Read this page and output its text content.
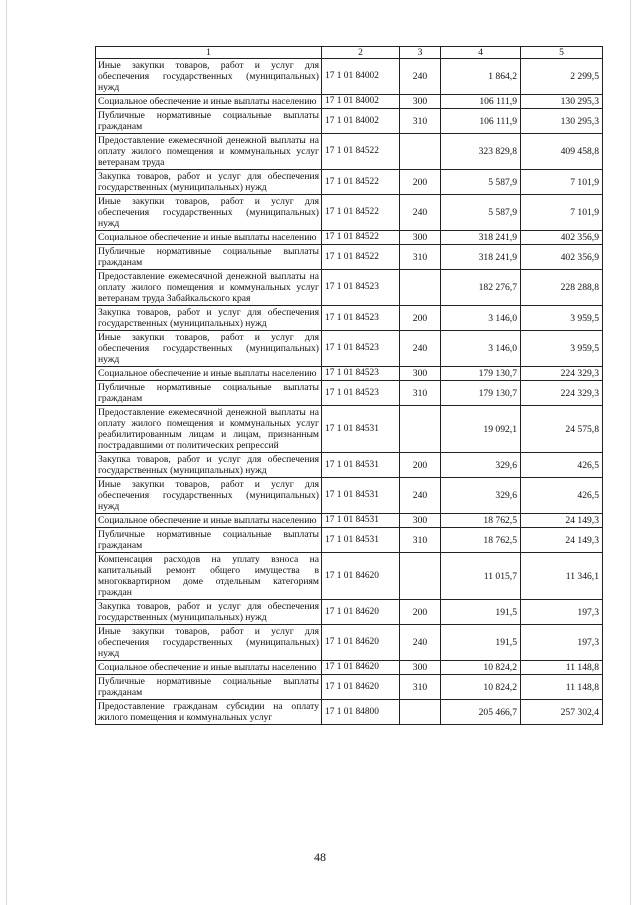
1	2	3	4	5
Иные закупки товаров, работ и услуг для обеспечения государственных (муниципальных) нужд	17 1 01 84002	240	1 864,2	2 299,5
Социальное обеспечение и иные выплаты населению	17 1 01 84002	300	106 111,9	130 295,3
Публичные нормативные социальные выплаты гражданам	17 1 01 84002	310	106 111,9	130 295,3
Предоставление ежемесячной денежной выплаты на оплату жилого помещения и коммунальных услуг ветеранам труда	17 1 01 84522		323 829,8	409 458,8
Закупка товаров, работ и услуг для обеспечения государственных (муниципальных) нужд	17 1 01 84522	200	5 587,9	7 101,9
Иные закупки товаров, работ и услуг для обеспечения государственных (муниципальных) нужд	17 1 01 84522	240	5 587,9	7 101,9
Социальное обеспечение и иные выплаты населению	17 1 01 84522	300	318 241,9	402 356,9
Публичные нормативные социальные выплаты гражданам	17 1 01 84522	310	318 241,9	402 356,9
Предоставление ежемесячной денежной выплаты на оплату жилого помещения и коммунальных услуг ветеранам труда Забайкальского края	17 1 01 84523		182 276,7	228 288,8
Закупка товаров, работ и услуг для обеспечения государственных (муниципальных) нужд	17 1 01 84523	200	3 146,0	3 959,5
Иные закупки товаров, работ и услуг для обеспечения государственных (муниципальных) нужд	17 1 01 84523	240	3 146,0	3 959,5
Социальное обеспечение и иные выплаты населению	17 1 01 84523	300	179 130,7	224 329,3
Публичные нормативные социальные выплаты гражданам	17 1 01 84523	310	179 130,7	224 329,3
Предоставление ежемесячной денежной выплаты на оплату жилого помещения и коммунальных услуг реабилитированным лицам и лицам, признанным пострадавшими от политических репрессий	17 1 01 84531		19 092,1	24 575,8
Закупка товаров, работ и услуг для обеспечения государственных (муниципальных) нужд	17 1 01 84531	200	329,6	426,5
Иные закупки товаров, работ и услуг для обеспечения государственных (муниципальных) нужд	17 1 01 84531	240	329,6	426,5
Социальное обеспечение и иные выплаты населению	17 1 01 84531	300	18 762,5	24 149,3
Публичные нормативные социальные выплаты гражданам	17 1 01 84531	310	18 762,5	24 149,3
Компенсация расходов на уплату взноса на капитальный ремонт общего имущества в многоквартирном доме отдельным категориям граждан	17 1 01 84620		11 015,7	11 346,1
Закупка товаров, работ и услуг для обеспечения государственных (муниципальных) нужд	17 1 01 84620	200	191,5	197,3
Иные закупки товаров, работ и услуг для обеспечения государственных (муниципальных) нужд	17 1 01 84620	240	191,5	197,3
Социальное обеспечение и иные выплаты населению	17 1 01 84620	300	10 824,2	11 148,8
Публичные нормативные социальные выплаты гражданам	17 1 01 84620	310	10 824,2	11 148,8
Предоставление гражданам субсидии на оплату жилого помещения и коммунальных услуг	17 1 01 84800		205 466,7	257 302,4
48
